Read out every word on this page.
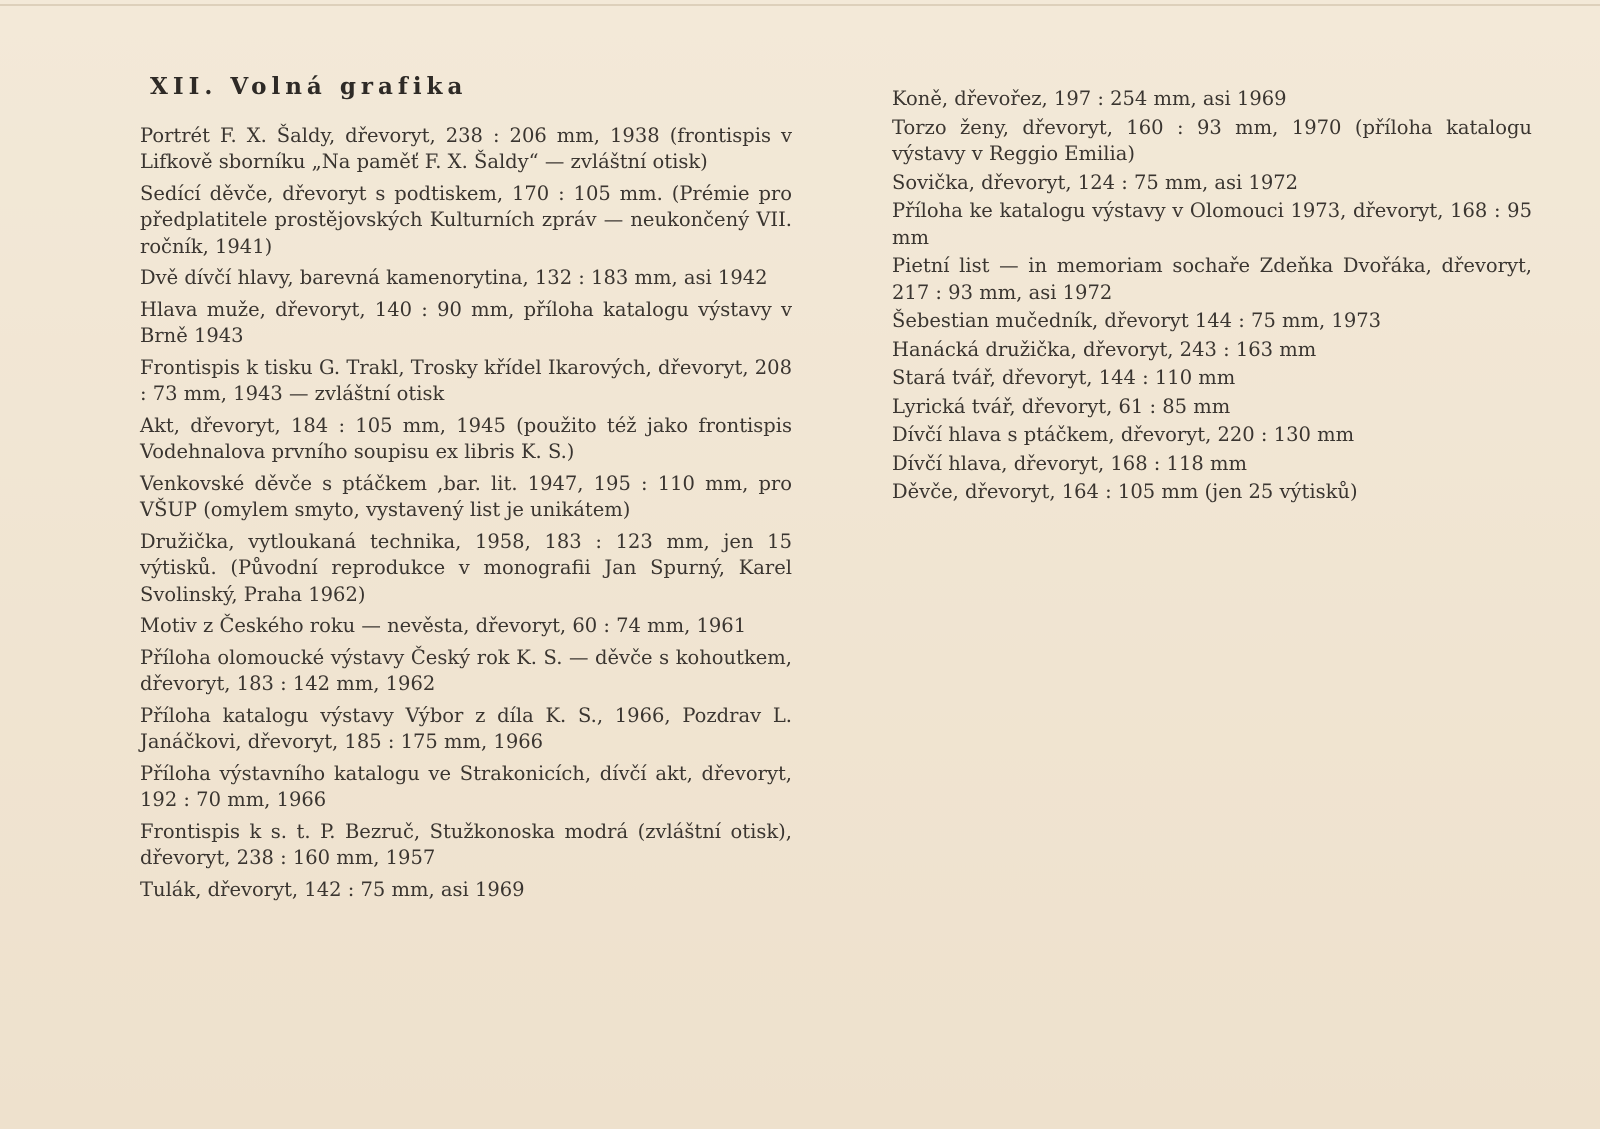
XII. Volná grafika
Portrét F. X. Šaldy, dřevoryt, 238 : 206 mm, 1938 (frontispis v Lifkově sborníku „Na paměť F. X. Šaldy“ — zvláštní otisk)
Sedící děvče, dřevoryt s podtiskem, 170 : 105 mm. (Prémie pro předplatitele prostějovských Kulturních zpráv — neukončený VII. ročník, 1941)
Dvě dívčí hlavy, barevná kamenorytina, 132 : 183 mm, asi 1942
Hlava muže, dřevoryt, 140 : 90 mm, příloha katalogu výstavy v Brně 1943
Frontispis k tisku G. Trakl, Trosky křídel Ikarových, dřevoryt, 208 : 73 mm, 1943 — zvláštní otisk
Akt, dřevoryt, 184 : 105 mm, 1945 (použito též jako frontispis Vodehnalova prvního soupisu ex libris K. S.)
Venkovské děvče s ptáčkem ,bar. lit. 1947, 195 : 110 mm, pro VŠUP (omylem smyto, vystavený list je unikátem)
Družička, vytloukaná technika, 1958, 183 : 123 mm, jen 15 výtisků. (Původní reprodukce v monografii Jan Spurný, Karel Svolinský, Praha 1962)
Motiv z Českého roku — nevěsta, dřevoryt, 60 : 74 mm, 1961
Příloha olomoucké výstavy Český rok K. S. — děvče s kohoutkem, dřevoryt, 183 : 142 mm, 1962
Příloha katalogu výstavy Výbor z díla K. S., 1966, Pozdrav L. Janáčkovi, dřevoryt, 185 : 175 mm, 1966
Příloha výstavního katalogu ve Strakonicích, dívčí akt, dřevoryt, 192 : 70 mm, 1966
Frontispis k s. t. P. Bezruč, Stužkonoska modrá (zvláštní otisk), dřevoryt, 238 : 160 mm, 1957
Tulák, dřevoryt, 142 : 75 mm, asi 1969
Koně, dřevořez, 197 : 254 mm, asi 1969
Torzo ženy, dřevoryt, 160 : 93 mm, 1970 (příloha katalogu výstavy v Reggio Emilia)
Sovička, dřevoryt, 124 : 75 mm, asi 1972
Příloha ke katalogu výstavy v Olomouci 1973, dřevoryt, 168 : 95 mm
Pietní list — in memoriam sochaře Zdeňka Dvořáka, dřevoryt, 217 : 93 mm, asi 1972
Šebestian mučedník, dřevoryt 144 : 75 mm, 1973
Hanácká družička, dřevoryt, 243 : 163 mm
Stará tvář, dřevoryt, 144 : 110 mm
Lyrická tvář, dřevoryt, 61 : 85 mm
Dívčí hlava s ptáčkem, dřevoryt, 220 : 130 mm
Dívčí hlava, dřevoryt, 168 : 118 mm
Děvče, dřevoryt, 164 : 105 mm (jen 25 výtisků)
